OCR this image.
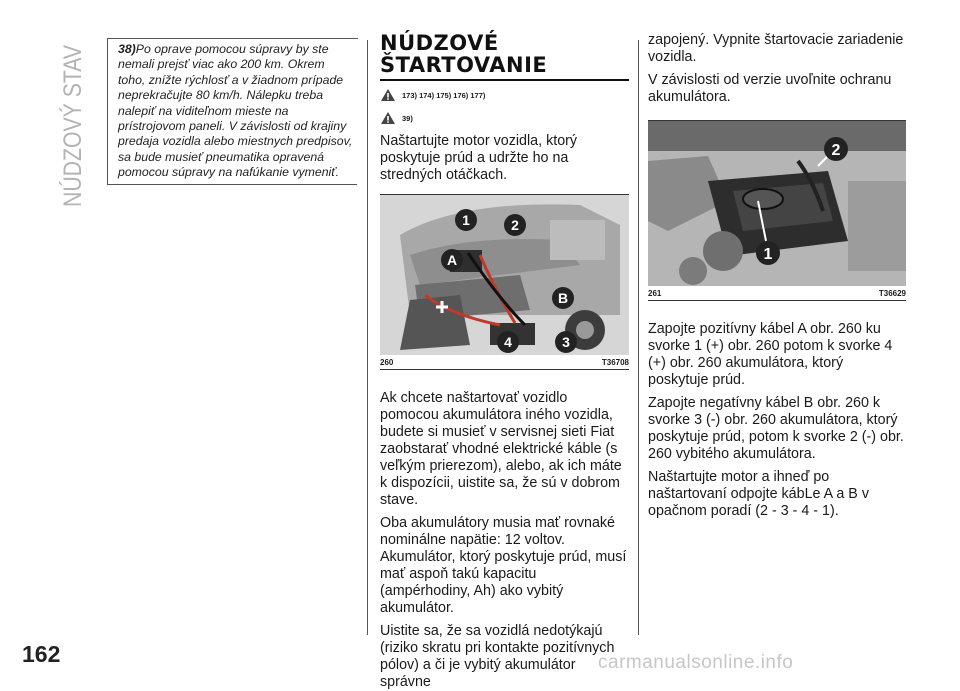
NÚDZOVÝ STAV
162
38)Po oprave pomocou súpravy by ste nemali prejsť viac ako 200 km. Okrem toho, znížte rýchlosť a v žiadnom prípade neprekračujte 80 km/h. Nálepku treba nalepiť na viditeľnom mieste na prístrojovom paneli. V závislosti od krajiny predaja vozidla alebo miestnych predpisov, sa bude musieť pneumatika opravená pomocou súpravy na nafúkanie vymeniť.
NÚDZOVÉ
ŠTARTOVANIE
173) 174) 175) 176) 177)
39)

Naštartujte motor vozidla, ktorý poskytuje prúd a udržte ho na stredných otáčkach.

1	2
A
B
3
4
260	T36708

Ak chcete naštartovať vozidlo pomocou akumulátora iného vozidla, budete si musieť v servisnej sieti Fiat zaobstarať vhodné elektrické káble (s veľkým prierezom), alebo, ak ich máte k dispozícii, uistite sa, že sú v dobrom stave.

Oba akumulátory musia mať rovnaké nominálne napätie: 12 voltov. Akumulátor, ktorý poskytuje prúd, musí mať aspoň takú kapacitu (ampérhodiny, Ah) ako vybitý akumulátor.

Uistite sa, že sa vozidlá nedotýkajú (riziko skratu pri kontakte pozitívnych pólov) a či je vybitý akumulátor správne

zapojený. Vypnite štartovacie zariadenie vozidla.

V závislosti od verzie uvoľnite ochranu akumulátora.

2
1
261	T36629

Zapojte pozitívny kábel A obr. 260 ku svorke 1 (+) obr. 260 potom k svorke 4 (+) obr. 260 akumulátora, ktorý poskytuje prúd.

Zapojte negatívny kábel B obr. 260 k svorke 3 (-) obr. 260 akumulátora, ktorý poskytuje prúd, potom k svorke 2 (-) obr. 260 vybitého akumulátora.

Naštartujte motor a ihneď po naštartovaní odpojte kábLe A a B v opačnom poradí (2 - 3 - 4 - 1).

carmanualsonline.info
